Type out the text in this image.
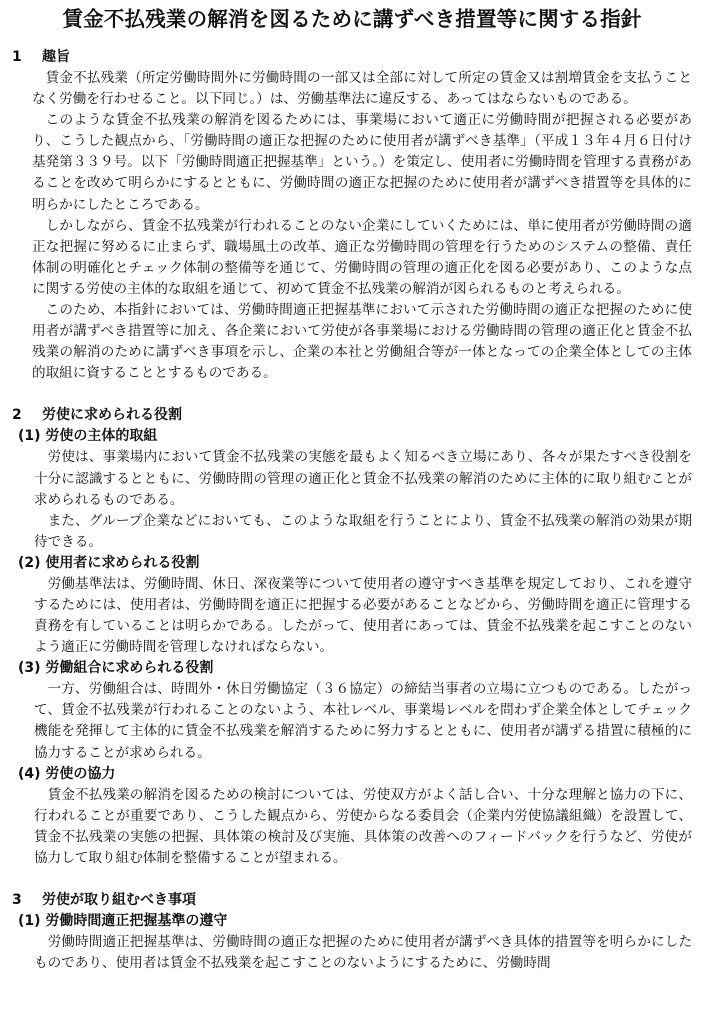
賃金不払残業の解消を図るために講ずべき措置等に関する指針
1 趣旨

賃金不払残業（所定労働時間外に労働時間の一部又は全部に対して所定の賃金又は割増賃金を支払うことなく労働を行わせること。以下同じ。）は、労働基準法に違反する、あってはならないものである。

このような賃金不払残業の解消を図るためには、事業場において適正に労働時間が把握される必要があり、こうした観点から、「労働時間の適正な把握のために使用者が講ずべき基準」（平成１３年４月６日付け基発第３３９号。以下「労働時間適正把握基準」という。）を策定し、使用者に労働時間を管理する責務があることを改めて明らかにするとともに、労働時間の適正な把握のために使用者が講ずべき措置等を具体的に明らかにしたところである。

しかしながら、賃金不払残業が行われることのない企業にしていくためには、単に使用者が労働時間の適正な把握に努めるに止まらず、職場風土の改革、適正な労働時間の管理を行うためのシステムの整備、責任体制の明確化とチェック体制の整備等を通じて、労働時間の管理の適正化を図る必要があり、このような点に関する労使の主体的な取組を通じて、初めて賃金不払残業の解消が図られるものと考えられる。

このため、本指針においては、労働時間適正把握基準において示された労働時間の適正な把握のために使用者が講ずべき措置等に加え、各企業において労使が各事業場における労働時間の管理の適正化と賃金不払残業の解消のために講ずべき事項を示し、企業の本社と労働組合等が一体となっての企業全体としての主体的取組に資することとするものである。

2 労使に求められる役割
(1) 労使の主体的取組

労使は、事業場内において賃金不払残業の実態を最もよく知るべき立場にあり、各々が果たすべき役割を十分に認識するとともに、労働時間の管理の適正化と賃金不払残業の解消のために主体的に取り組むことが求められるものである。

また、グループ企業などにおいても、このような取組を行うことにより、賃金不払残業の解消の効果が期待できる。

(2) 使用者に求められる役割

労働基準法は、労働時間、休日、深夜業等について使用者の遵守すべき基準を規定しており、これを遵守するためには、使用者は、労働時間を適正に把握する必要があることなどから、労働時間を適正に管理する責務を有していることは明らかである。したがって、使用者にあっては、賃金不払残業を起こすことのないよう適正に労働時間を管理しなければならない。

(3) 労働組合に求められる役割

一方、労働組合は、時間外・休日労働協定（３６協定）の締結当事者の立場に立つものである。したがって、賃金不払残業が行われることのないよう、本社レベル、事業場レベルを問わず企業全体としてチェック機能を発揮して主体的に賃金不払残業を解消するために努力するとともに、使用者が講ずる措置に積極的に協力することが求められる。

(4) 労使の協力

賃金不払残業の解消を図るための検討については、労使双方がよく話し合い、十分な理解と協力の下に、行われることが重要であり、こうした観点から、労使からなる委員会（企業内労使協議組織）を設置して、賃金不払残業の実態の把握、具体策の検討及び実施、具体策の改善へのフィードバックを行うなど、労使が協力して取り組む体制を整備することが望まれる。

3 労使が取り組むべき事項
(1) 労働時間適正把握基準の遵守

労働時間適正把握基準は、労働時間の適正な把握のために使用者が講ずべき具体的措置等を明らかにしたものであり、使用者は賃金不払残業を起こすことのないようにするために、労働時間
